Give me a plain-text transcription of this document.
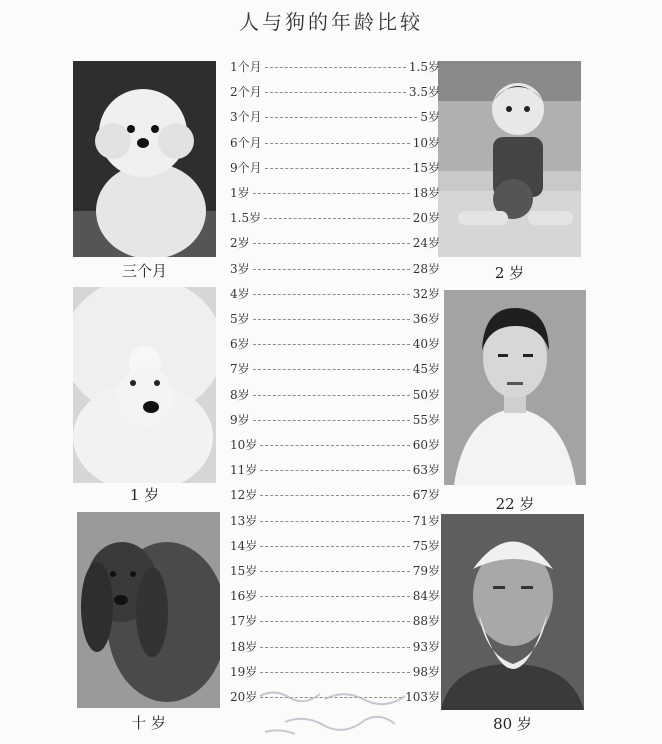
人与狗的年龄比较
三个月	2 岁
1 岁	22 岁
十 岁	80 岁
1个月	1.5岁
2个月	3.5岁
3个月	5岁
6个月	10岁
9个月	15岁
1岁	18岁
1.5岁	20岁
2岁	24岁
3岁	28岁
4岁	32岁
5岁	36岁
6岁	40岁
7岁	45岁
8岁	50岁
9岁	55岁
10岁	60岁
11岁	63岁
12岁	67岁
13岁	71岁
14岁	75岁
15岁	79岁
16岁	84岁
17岁	88岁
18岁	93岁
19岁	98岁
20岁	103岁
